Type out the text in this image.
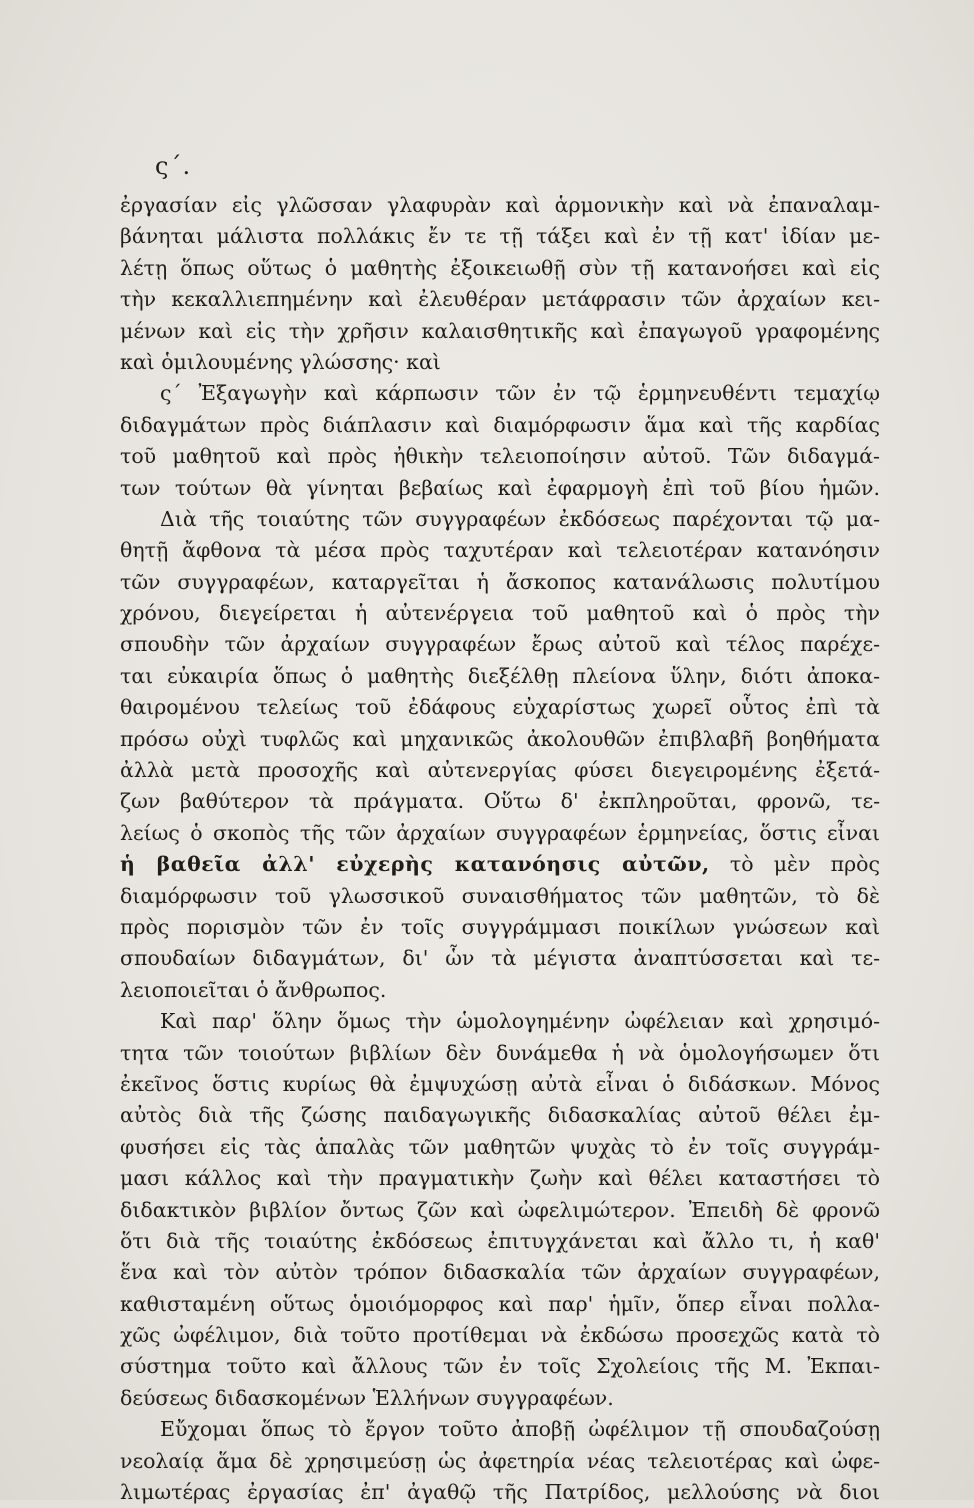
ς΄.
ἐργασίαν εἰς γλῶσσαν γλαφυρὰν καὶ ἁρμονικὴν καὶ νὰ ἐπαναλαμ-
βάνηται μάλιστα πολλάκις ἔν τε τῇ τάξει καὶ ἐν τῇ κατ' ἰδίαν με-
λέτῃ ὅπως οὕτως ὁ μαθητὴς ἐξοικειωθῇ σὺν τῇ κατανοήσει καὶ εἰς
τὴν κεκαλλιεπημένην καὶ ἐλευθέραν μετάφρασιν τῶν ἀρχαίων κει-
μένων καὶ εἰς τὴν χρῆσιν καλαισθητικῆς καὶ ἐπαγωγοῦ γραφομένης
καὶ ὁμιλουμένης γλώσσης· καὶ
ς΄ Ἐξαγωγὴν καὶ κάρπωσιν τῶν ἐν τῷ ἑρμηνευθέντι τεμαχίῳ
διδαγμάτων πρὸς διάπλασιν καὶ διαμόρφωσιν ἅμα καὶ τῆς καρδίας
τοῦ μαθητοῦ καὶ πρὸς ἠθικὴν τελειοποίησιν αὐτοῦ. Τῶν διδαγμά-
των τούτων θὰ γίνηται βεβαίως καὶ ἐφαρμογὴ ἐπὶ τοῦ βίου ἡμῶν.
Διὰ τῆς τοιαύτης τῶν συγγραφέων ἐκδόσεως παρέχονται τῷ μα-
θητῇ ἄφθονα τὰ μέσα πρὸς ταχυτέραν καὶ τελειοτέραν κατανόησιν
τῶν συγγραφέων, καταργεῖται ἡ ἄσκοπος κατανάλωσις πολυτίμου
χρόνου, διεγείρεται ἡ αὐτενέργεια τοῦ μαθητοῦ καὶ ὁ πρὸς τὴν
σπουδὴν τῶν ἀρχαίων συγγραφέων ἔρως αὐτοῦ καὶ τέλος παρέχε-
ται εὐκαιρία ὅπως ὁ μαθητὴς διεξέλθῃ πλείονα ὕλην, διότι ἀποκα-
θαιρομένου τελείως τοῦ ἐδάφους εὐχαρίστως χωρεῖ οὗτος ἐπὶ τὰ
πρόσω οὐχὶ τυφλῶς καὶ μηχανικῶς ἀκολουθῶν ἐπιβλαβῆ βοηθήματα
ἀλλὰ μετὰ προσοχῆς καὶ αὐτενεργίας φύσει διεγειρομένης ἐξετά-
ζων βαθύτερον τὰ πράγματα. Οὕτω δ' ἐκπληροῦται, φρονῶ, τε-
λείως ὁ σκοπὸς τῆς τῶν ἀρχαίων συγγραφέων ἑρμηνείας, ὅστις εἶναι
ἡ βαθεῖα ἀλλ' εὐχερὴς κατανόησις αὐτῶν, τὸ μὲν πρὸς
διαμόρφωσιν τοῦ γλωσσικοῦ συναισθήματος τῶν μαθητῶν, τὸ δὲ
πρὸς πορισμὸν τῶν ἐν τοῖς συγγράμμασι ποικίλων γνώσεων καὶ
σπουδαίων διδαγμάτων, δι' ὧν τὰ μέγιστα ἀναπτύσσεται καὶ τε-
λειοποιεῖται ὁ ἄνθρωπος.
Καὶ παρ' ὅλην ὅμως τὴν ὡμολογημένην ὠφέλειαν καὶ χρησιμό-
τητα τῶν τοιούτων βιβλίων δὲν δυνάμεθα ἡ νὰ ὁμολογήσωμεν ὅτι
ἐκεῖνος ὅστις κυρίως θὰ ἐμψυχώσῃ αὐτὰ εἶναι ὁ διδάσκων. Μόνος
αὐτὸς διὰ τῆς ζώσης παιδαγωγικῆς διδασκαλίας αὐτοῦ θέλει ἐμ-
φυσήσει εἰς τὰς ἁπαλὰς τῶν μαθητῶν ψυχὰς τὸ ἐν τοῖς συγγράμ-
μασι κάλλος καὶ τὴν πραγματικὴν ζωὴν καὶ θέλει καταστήσει τὸ
διδακτικὸν βιβλίον ὄντως ζῶν καὶ ὠφελιμώτερον. Ἐπειδὴ δὲ φρονῶ
ὅτι διὰ τῆς τοιαύτης ἐκδόσεως ἐπιτυγχάνεται καὶ ἄλλο τι, ἡ καθ'
ἕνα καὶ τὸν αὐτὸν τρόπον διδασκαλία τῶν ἀρχαίων συγγραφέων,
καθισταμένη οὕτως ὁμοιόμορφος καὶ παρ' ἡμῖν, ὅπερ εἶναι πολλα-
χῶς ὠφέλιμον, διὰ τοῦτο προτίθεμαι νὰ ἐκδώσω προσεχῶς κατὰ τὸ
σύστημα τοῦτο καὶ ἄλλους τῶν ἐν τοῖς Σχολείοις τῆς Μ. Ἐκπαι-
δεύσεως διδασκομένων Ἑλλήνων συγγραφέων.
Εὔχομαι ὅπως τὸ ἔργον τοῦτο ἀποβῇ ὠφέλιμον τῇ σπουδαζούσῃ
νεολαίᾳ ἅμα δὲ χρησιμεύσῃ ὡς ἀφετηρία νέας τελειοτέρας καὶ ὠφε-
λιμωτέρας ἐργασίας ἐπ' ἀγαθῷ τῆς Πατρίδος, μελλούσης νὰ διοι
